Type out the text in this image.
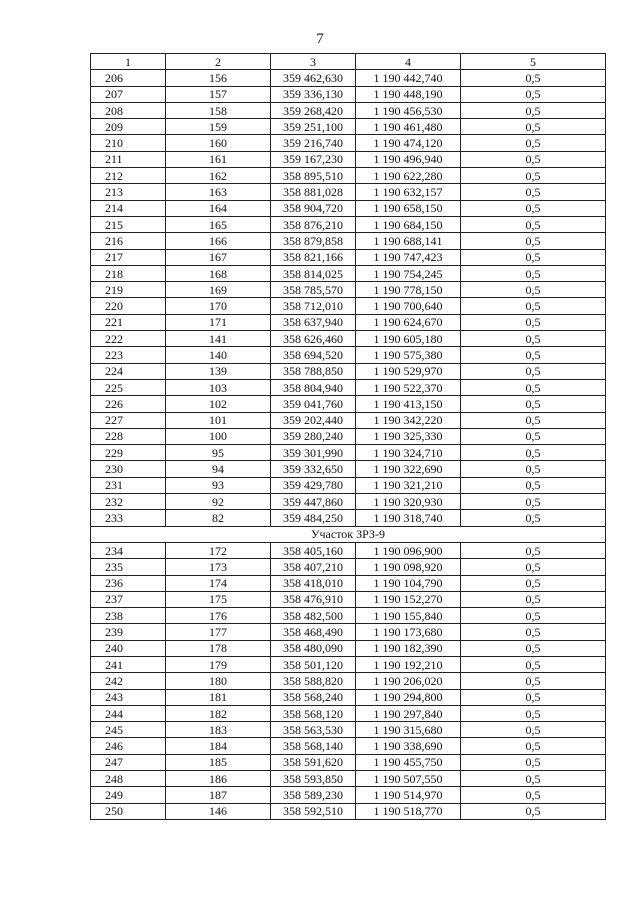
7
1	2	3	4	5
206	156	359 462,630	1 190 442,740	0,5
207	157	359 336,130	1 190 448,190	0,5
208	158	359 268,420	1 190 456,530	0,5
209	159	359 251,100	1 190 461,480	0,5
210	160	359 216,740	1 190 474,120	0,5
211	161	359 167,230	1 190 496,940	0,5
212	162	358 895,510	1 190 622,280	0,5
213	163	358 881,028	1 190 632,157	0,5
214	164	358 904,720	1 190 658,150	0,5
215	165	358 876,210	1 190 684,150	0,5
216	166	358 879,858	1 190 688,141	0,5
217	167	358 821,166	1 190 747,423	0,5
218	168	358 814,025	1 190 754,245	0,5
219	169	358 785,570	1 190 778,150	0,5
220	170	358 712,010	1 190 700,640	0,5
221	171	358 637,940	1 190 624,670	0,5
222	141	358 626,460	1 190 605,180	0,5
223	140	358 694,520	1 190 575,380	0,5
224	139	358 788,850	1 190 529,970	0,5
225	103	358 804,940	1 190 522,370	0,5
226	102	359 041,760	1 190 413,150	0,5
227	101	359 202,440	1 190 342,220	0,5
228	100	359 280,240	1 190 325,330	0,5
229	95	359 301,990	1 190 324,710	0,5
230	94	359 332,650	1 190 322,690	0,5
231	93	359 429,780	1 190 321,210	0,5
232	92	359 447,860	1 190 320,930	0,5
233	82	359 484,250	1 190 318,740	0,5
Участок ЗРЗ-9				
234	172	358 405,160	1 190 096,900	0,5
235	173	358 407,210	1 190 098,920	0,5
236	174	358 418,010	1 190 104,790	0,5
237	175	358 476,910	1 190 152,270	0,5
238	176	358 482,500	1 190 155,840	0,5
239	177	358 468,490	1 190 173,680	0,5
240	178	358 480,090	1 190 182,390	0,5
241	179	358 501,120	1 190 192,210	0,5
242	180	358 588,820	1 190 206,020	0,5
243	181	358 568,240	1 190 294,800	0,5
244	182	358 568,120	1 190 297,840	0,5
245	183	358 563,530	1 190 315,680	0,5
246	184	358 568,140	1 190 338,690	0,5
247	185	358 591,620	1 190 455,750	0,5
248	186	358 593,850	1 190 507,550	0,5
249	187	358 589,230	1 190 514,970	0,5
250	146	358 592,510	1 190 518,770	0,5
